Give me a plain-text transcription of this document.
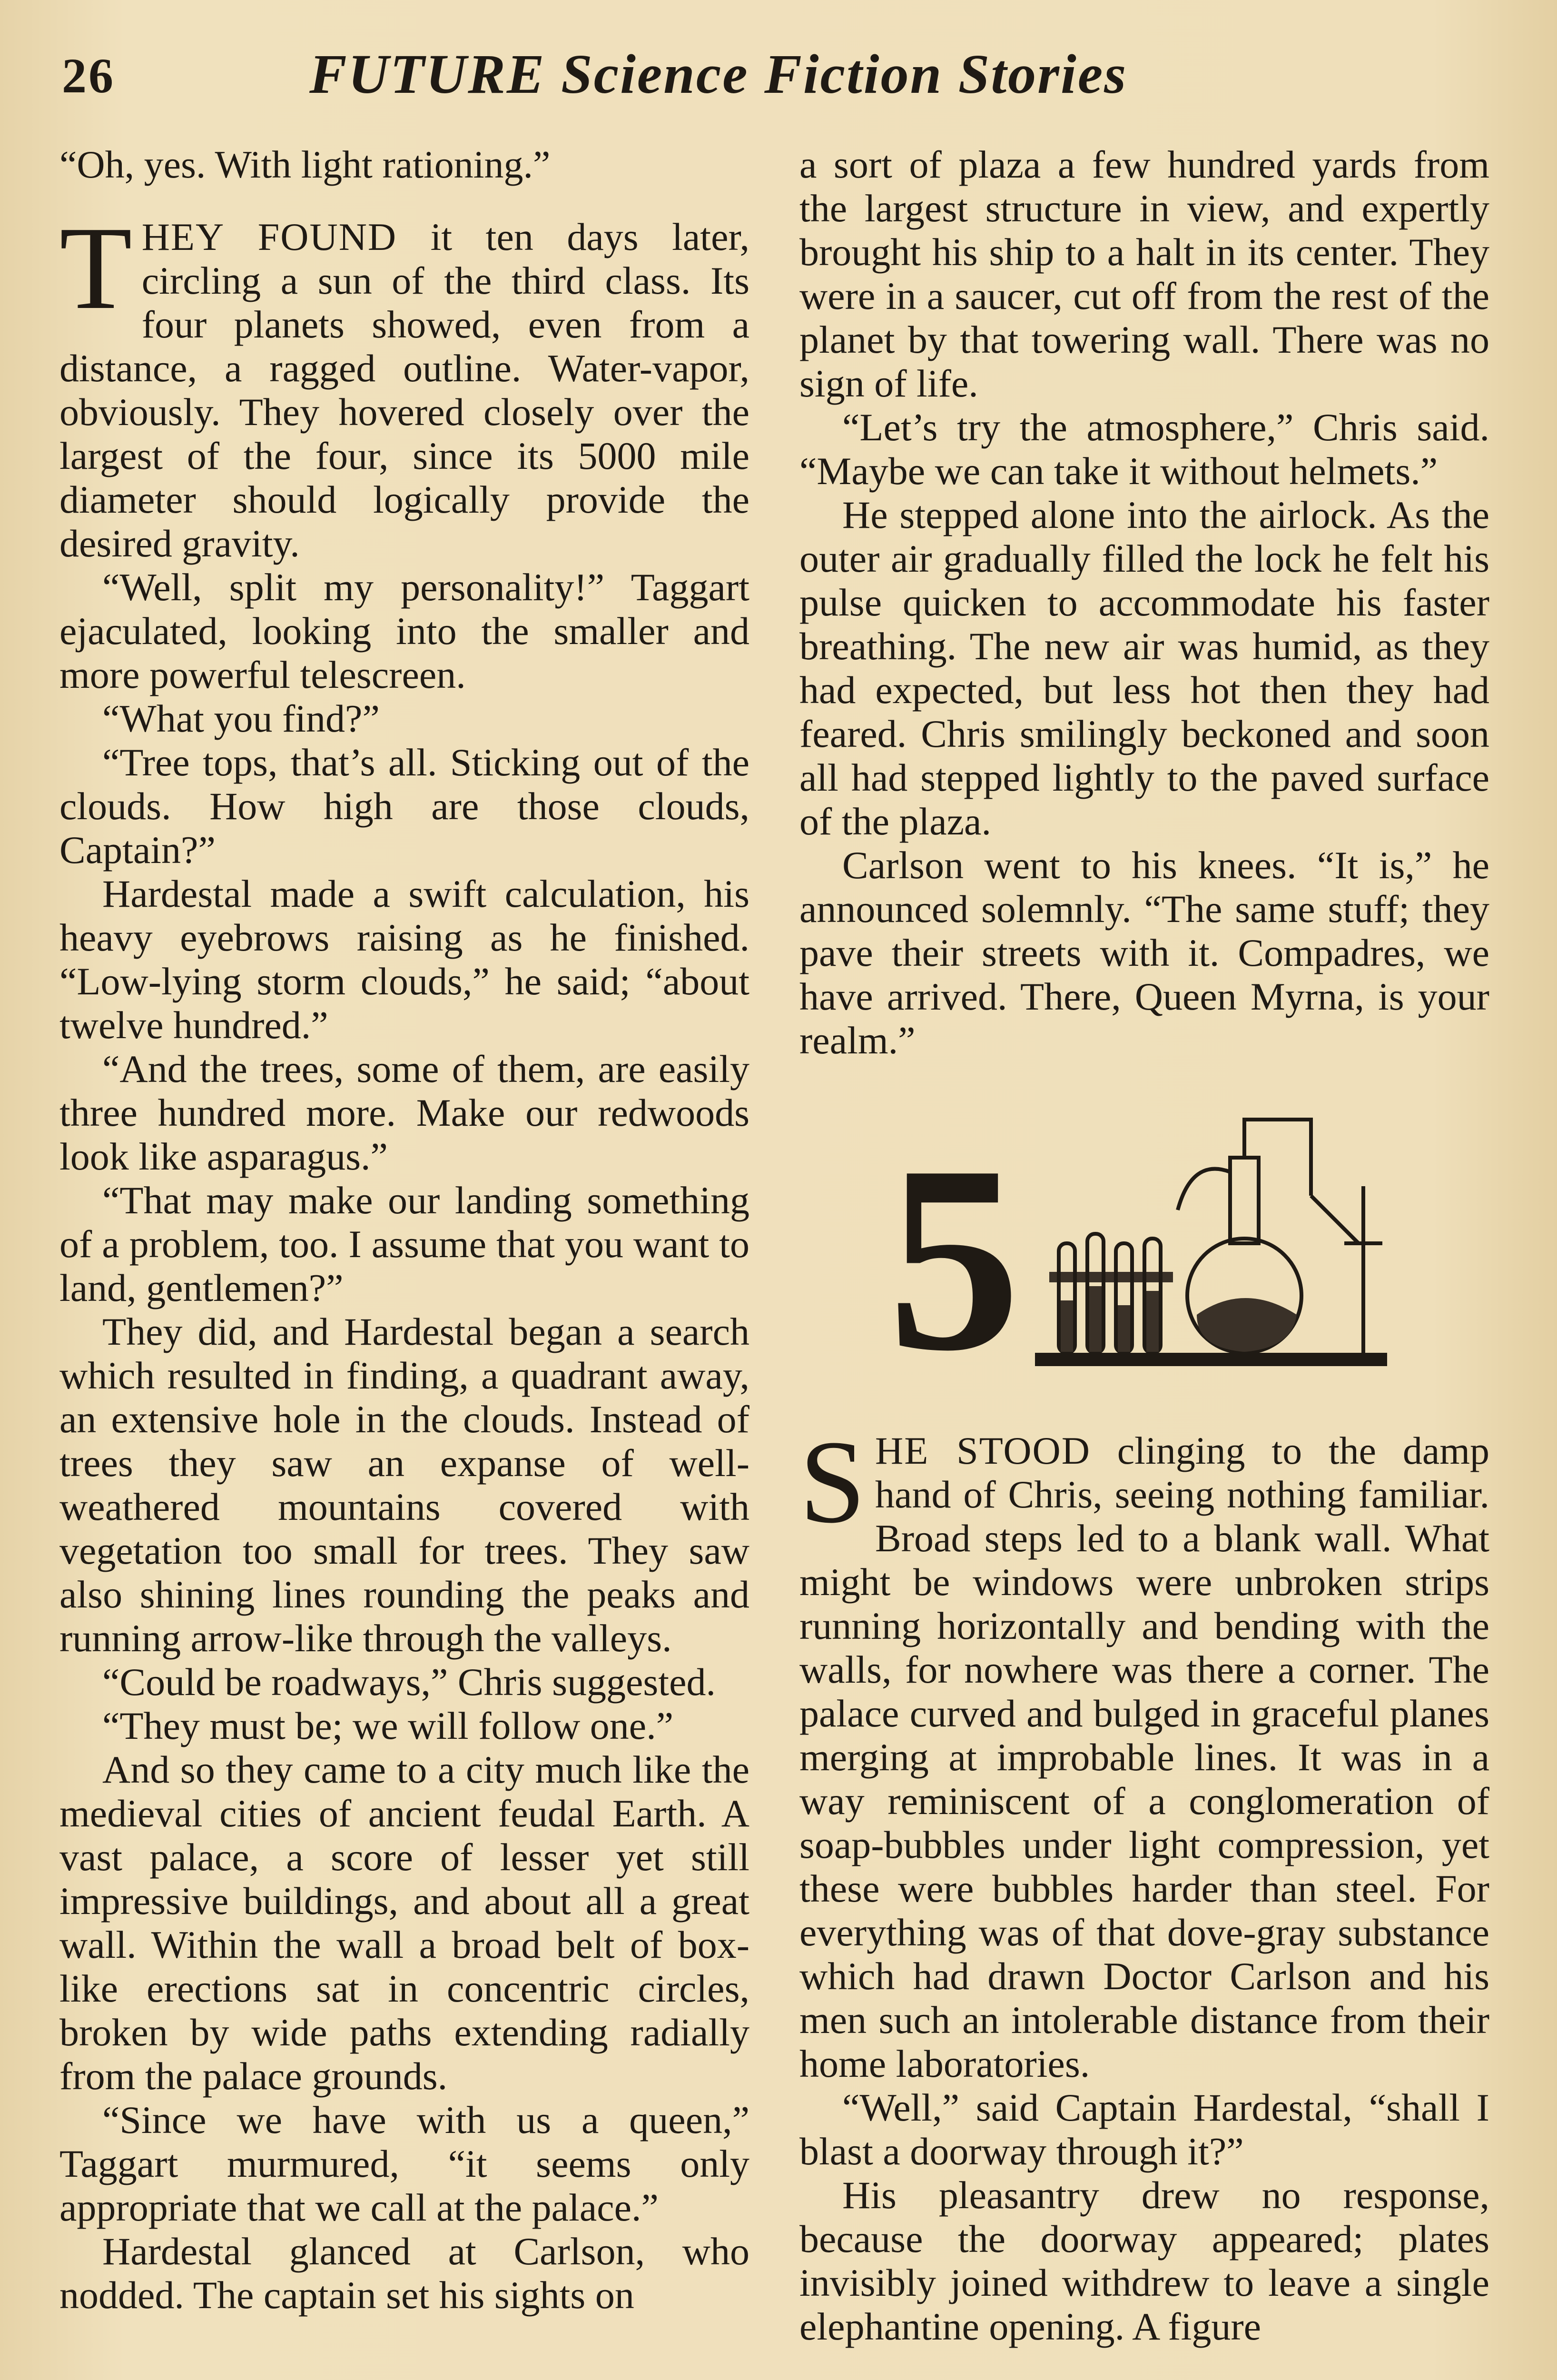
26	FUTURE Science Fiction Stories

“Oh, yes. With light rationing.”

THEY FOUND it ten days later, circling a sun of the third class. Its four planets showed, even from a distance, a ragged outline. Water-vapor, obviously. They hovered closely over the largest of the four, since its 5000 mile diameter should logically provide the desired gravity.

“Well, split my personality!” Taggart ejaculated, looking into the smaller and more powerful telescreen.

“What you find?”

“Tree tops, that’s all. Sticking out of the clouds. How high are those clouds, Captain?”

Hardestal made a swift calculation, his heavy eyebrows raising as he finished. “Low-lying storm clouds,” he said; “about twelve hundred.”

“And the trees, some of them, are easily three hundred more. Make our redwoods look like asparagus.”

“That may make our landing something of a problem, too. I assume that you want to land, gentlemen?”

They did, and Hardestal began a search which resulted in finding, a quadrant away, an extensive hole in the clouds. Instead of trees they saw an expanse of well-weathered mountains covered with vegetation too small for trees. They saw also shining lines rounding the peaks and running arrow-like through the valleys.

“Could be roadways,” Chris suggested.

“They must be; we will follow one.”

And so they came to a city much like the medieval cities of ancient feudal Earth. A vast palace, a score of lesser yet still impressive buildings, and about all a great wall. Within the wall a broad belt of box-like erections sat in concentric circles, broken by wide paths extending radially from the palace grounds.

“Since we have with us a queen,” Taggart murmured, “it seems only appropriate that we call at the palace.”

Hardestal glanced at Carlson, who nodded. The captain set his sights on

a sort of plaza a few hundred yards from the largest structure in view, and expertly brought his ship to a halt in its center. They were in a saucer, cut off from the rest of the planet by that towering wall. There was no sign of life.

“Let’s try the atmosphere,” Chris said. “Maybe we can take it without helmets.”

He stepped alone into the airlock. As the outer air gradually filled the lock he felt his pulse quicken to accommodate his faster breathing. The new air was humid, as they had expected, but less hot then they had feared. Chris smilingly beckoned and soon all had stepped lightly to the paved surface of the plaza.

Carlson went to his knees. “It is,” he announced solemnly. “The same stuff; they pave their streets with it. Compadres, we have arrived. There, Queen Myrna, is your realm.”

5

SHE STOOD clinging to the damp hand of Chris, seeing nothing familiar. Broad steps led to a blank wall. What might be windows were unbroken strips running horizontally and bending with the walls, for nowhere was there a corner. The palace curved and bulged in graceful planes merging at improbable lines. It was in a way reminiscent of a conglomeration of soap-bubbles under light compression, yet these were bubbles harder than steel. For everything was of that dove-gray substance which had drawn Doctor Carlson and his men such an intolerable distance from their home laboratories.

“Well,” said Captain Hardestal, “shall I blast a doorway through it?”

His pleasantry drew no response, because the doorway appeared; plates invisibly joined withdrew to leave a single elephantine opening. A figure
